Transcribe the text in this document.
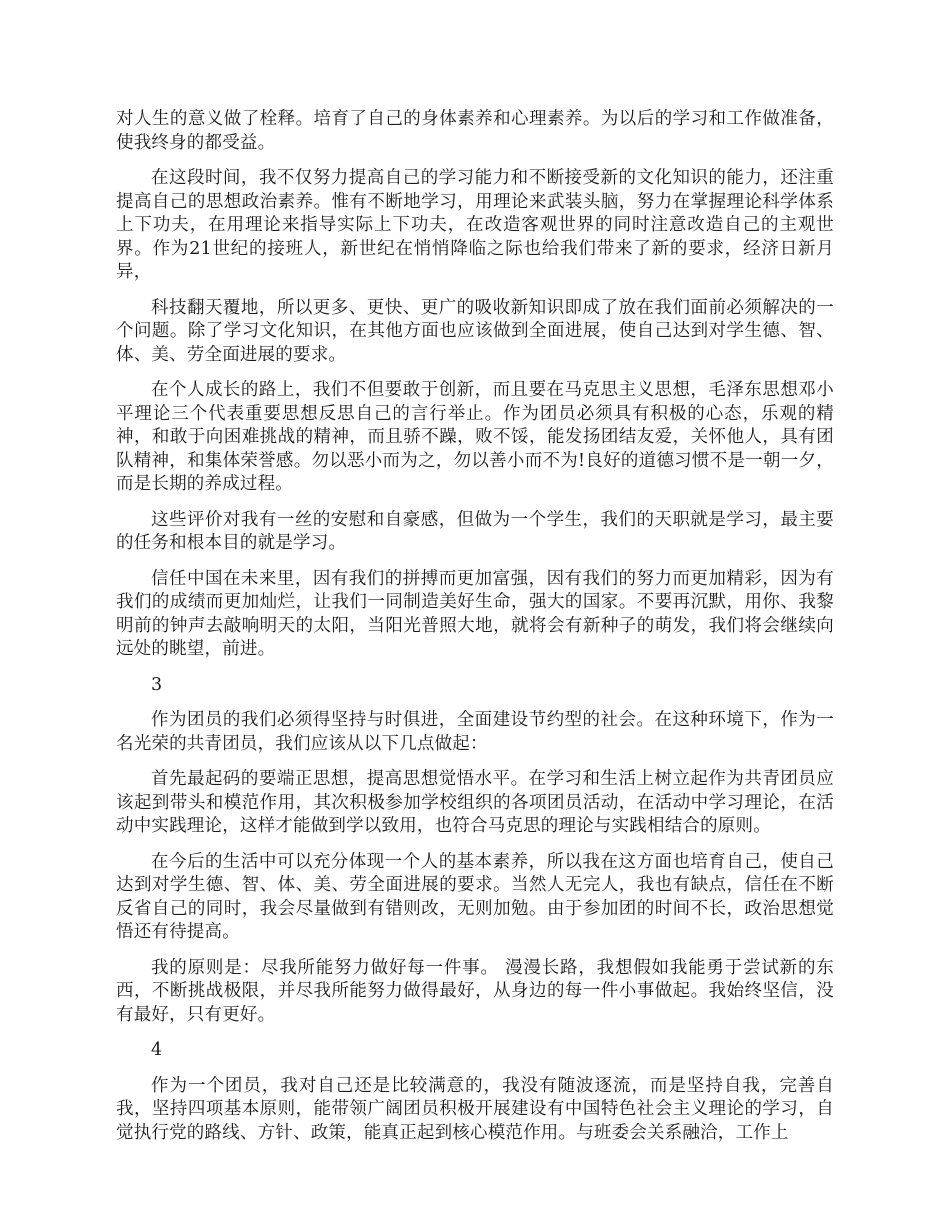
对人生的意义做了栓释。培育了自己的身体素养和心理素养。为以后的学习和工作做准备，使我终身的都受益。

在这段时间，我不仅努力提高自己的学习能力和不断接受新的文化知识的能力，还注重提高自己的思想政治素养。惟有不断地学习，用理论来武装头脑，努力在掌握理论科学体系上下功夫，在用理论来指导实际上下功夫，在改造客观世界的同时注意改造自己的主观世界。作为21世纪的接班人，新世纪在悄悄降临之际也给我们带来了新的要求，经济日新月异，

科技翻天覆地，所以更多、更快、更广的吸收新知识即成了放在我们面前必须解决的一个问题。除了学习文化知识，在其他方面也应该做到全面进展，使自己达到对学生德、智、体、美、劳全面进展的要求。

在个人成长的路上，我们不但要敢于创新，而且要在马克思主义思想，毛泽东思想邓小平理论三个代表重要思想反思自己的言行举止。作为团员必须具有积极的心态，乐观的精神，和敢于向困难挑战的精神，而且骄不躁，败不馁，能发扬团结友爱，关怀他人，具有团队精神，和集体荣誉感。勿以恶小而为之，勿以善小而不为!良好的道德习惯不是一朝一夕，而是长期的养成过程。

这些评价对我有一丝的安慰和自豪感，但做为一个学生，我们的天职就是学习，最主要的任务和根本目的就是学习。

信任中国在未来里，因有我们的拼搏而更加富强，因有我们的努力而更加精彩，因为有我们的成绩而更加灿烂，让我们一同制造美好生命，强大的国家。不要再沉默，用你、我黎明前的钟声去敲响明天的太阳，当阳光普照大地，就将会有新种子的萌发，我们将会继续向远处的眺望，前进。

3

作为团员的我们必须得坚持与时俱进，全面建设节约型的社会。在这种环境下，作为一名光荣的共青团员，我们应该从以下几点做起：

首先最起码的要端正思想，提高思想觉悟水平。在学习和生活上树立起作为共青团员应该起到带头和模范作用，其次积极参加学校组织的各项团员活动，在活动中学习理论，在活动中实践理论，这样才能做到学以致用，也符合马克思的理论与实践相结合的原则。

在今后的生活中可以充分体现一个人的基本素养，所以我在这方面也培育自己，使自己达到对学生德、智、体、美、劳全面进展的要求。当然人无完人，我也有缺点，信任在不断反省自己的同时，我会尽量做到有错则改，无则加勉。由于参加团的时间不长，政治思想觉悟还有待提高。

我的原则是：尽我所能努力做好每一件事。 漫漫长路，我想假如我能勇于尝试新的东西，不断挑战极限，并尽我所能努力做得最好，从身边的每一件小事做起。我始终坚信，没有最好，只有更好。

4

作为一个团员，我对自己还是比较满意的，我没有随波逐流，而是坚持自我，完善自我，坚持四项基本原则，能带领广阔团员积极开展建设有中国特色社会主义理论的学习，自觉执行党的路线、方针、政策，能真正起到核心模范作用。与班委会关系融洽，工作上
